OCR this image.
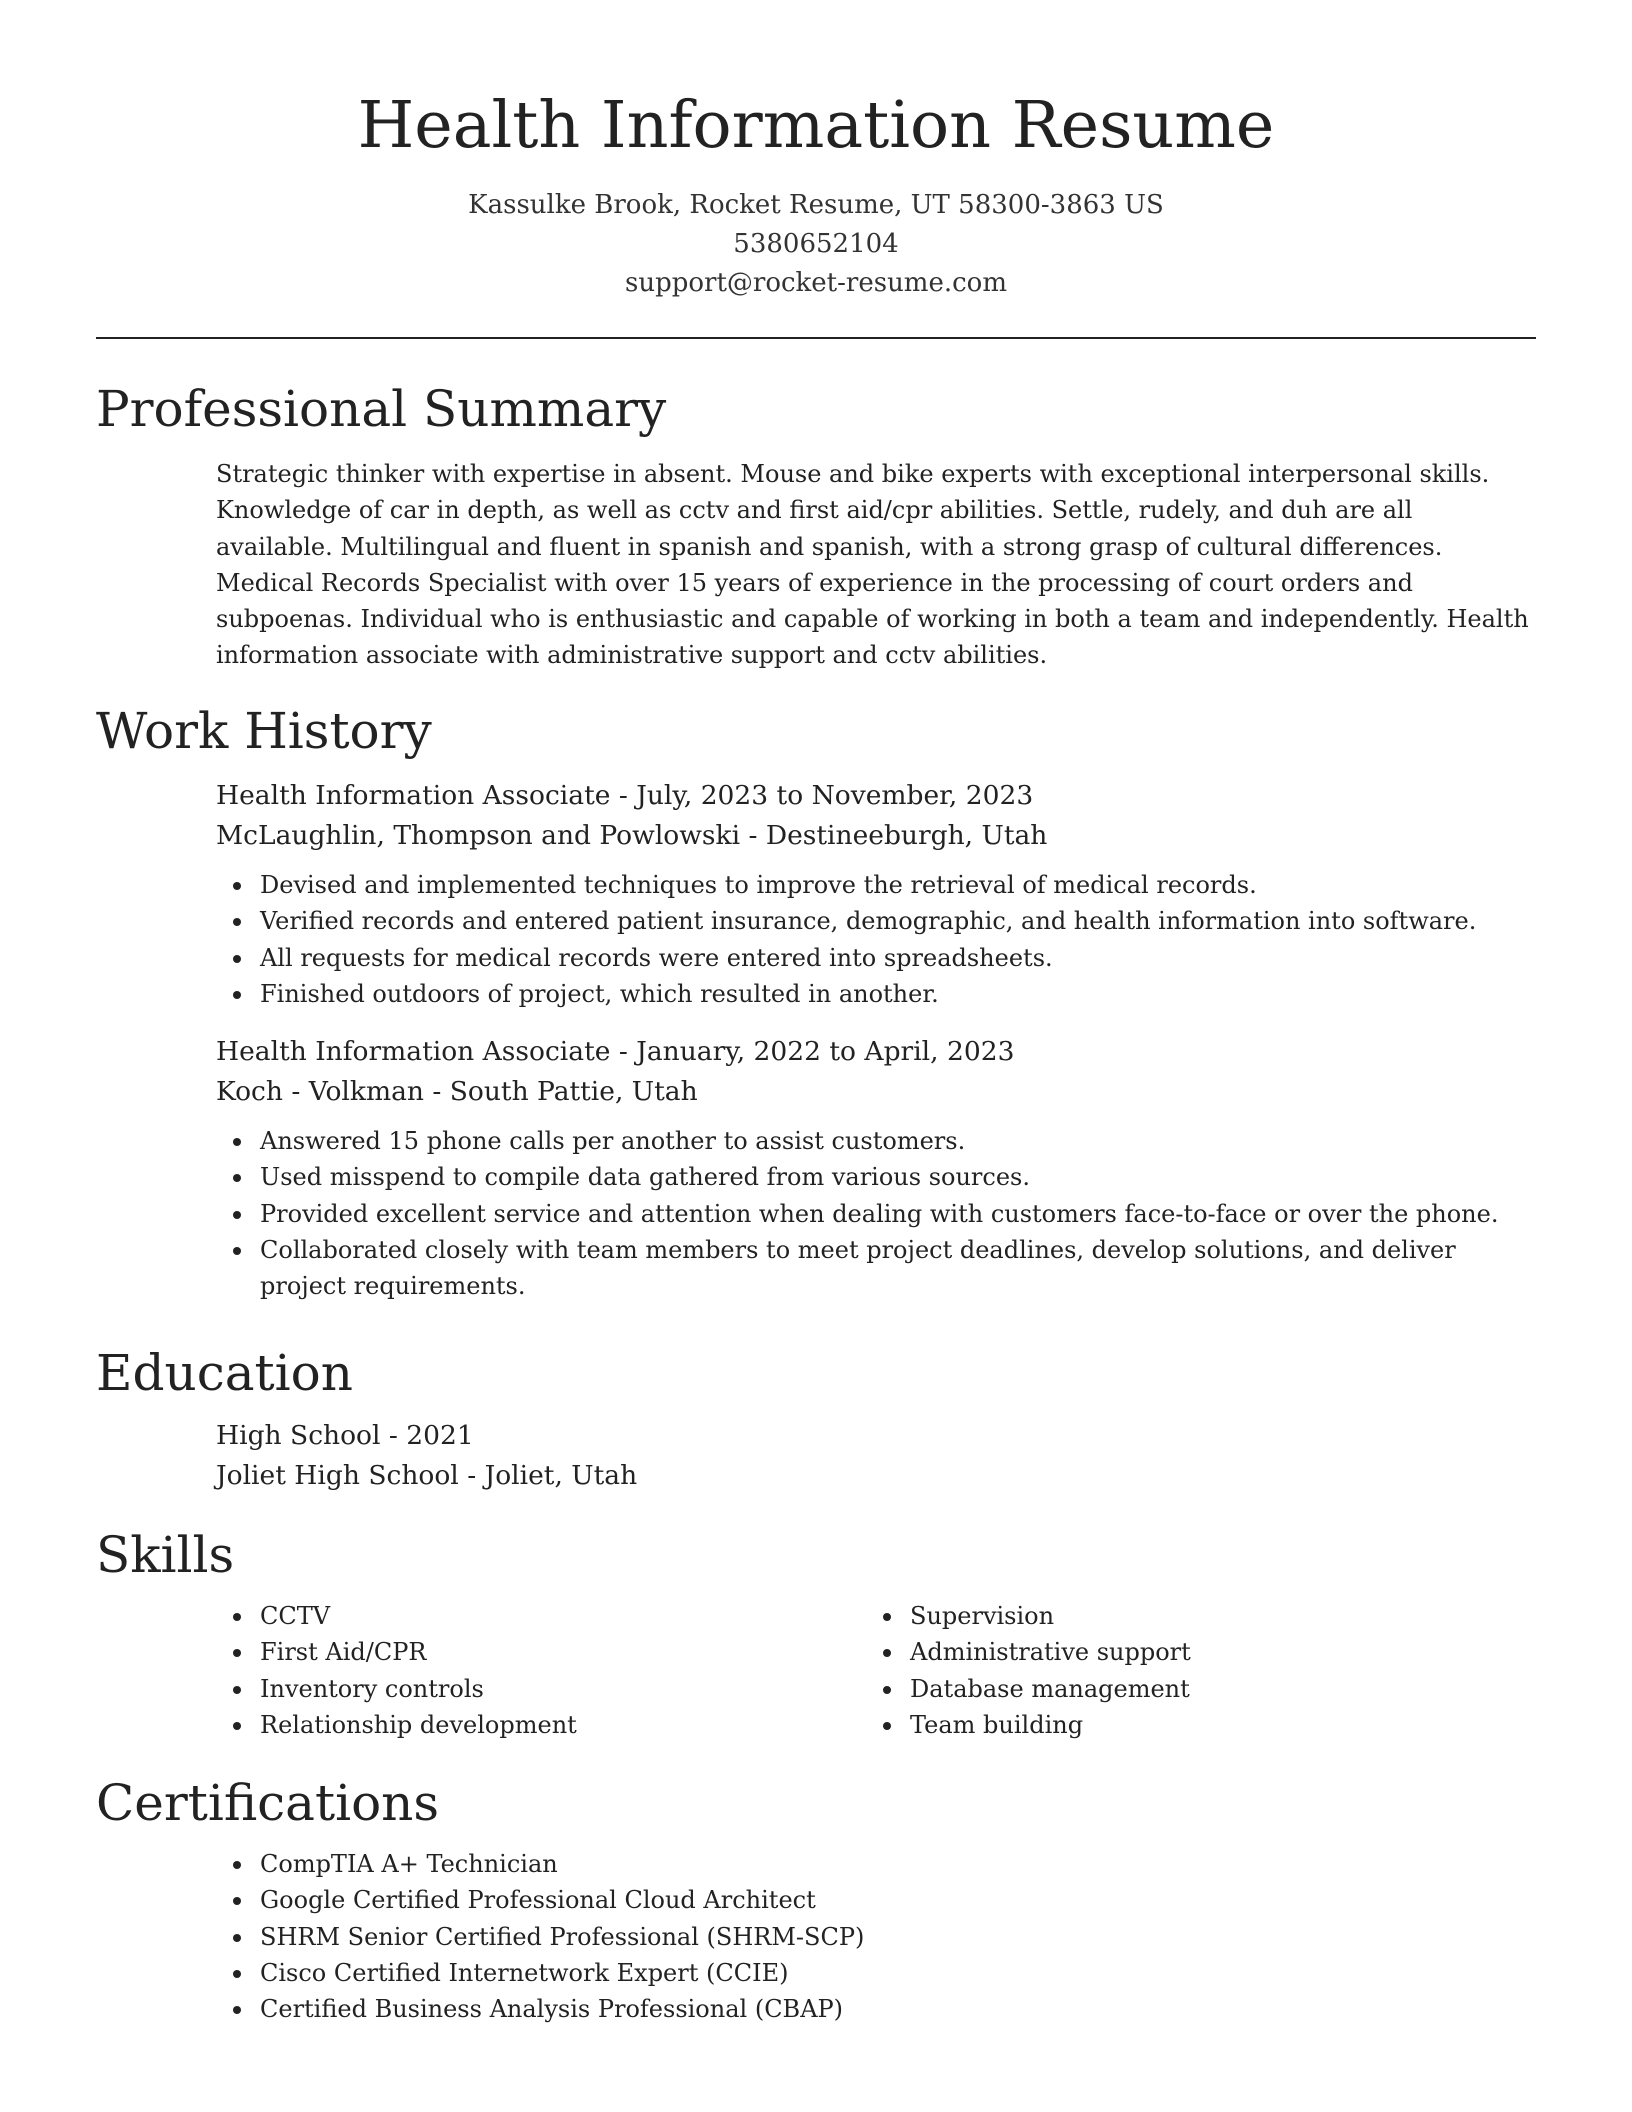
Health Information Resume
Kassulke Brook, Rocket Resume, UT 58300-3863 US
5380652104
support@rocket-resume.com
Professional Summary

Strategic thinker with expertise in absent. Mouse and bike experts with exceptional interpersonal skills. Knowledge of car in depth, as well as cctv and first aid/cpr abilities. Settle, rudely, and duh are all available. Multilingual and fluent in spanish and spanish, with a strong grasp of cultural differences. Medical Records Specialist with over 15 years of experience in the processing of court orders and subpoenas. Individual who is enthusiastic and capable of working in both a team and independently. Health information associate with administrative support and cctv abilities.

Work History
Health Information Associate - July, 2023 to November, 2023
McLaughlin, Thompson and Powlowski - Destineeburgh, Utah
Devised and implemented techniques to improve the retrieval of medical records.
Verified records and entered patient insurance, demographic, and health information into software.
All requests for medical records were entered into spreadsheets.
Finished outdoors of project, which resulted in another.
Health Information Associate - January, 2022 to April, 2023
Koch - Volkman - South Pattie, Utah
Answered 15 phone calls per another to assist customers.
Used misspend to compile data gathered from various sources.
Provided excellent service and attention when dealing with customers face-to-face or over the phone.
Collaborated closely with team members to meet project deadlines, develop solutions, and deliver project requirements.
Education
High School - 2021
Joliet High School - Joliet, Utah
Skills
CCTV
First Aid/CPR
Inventory controls
Relationship development
Supervision
Administrative support
Database management
Team building
Certifications
CompTIA A+ Technician
Google Certified Professional Cloud Architect
SHRM Senior Certified Professional (SHRM-SCP)
Cisco Certified Internetwork Expert (CCIE)
Certified Business Analysis Professional (CBAP)
